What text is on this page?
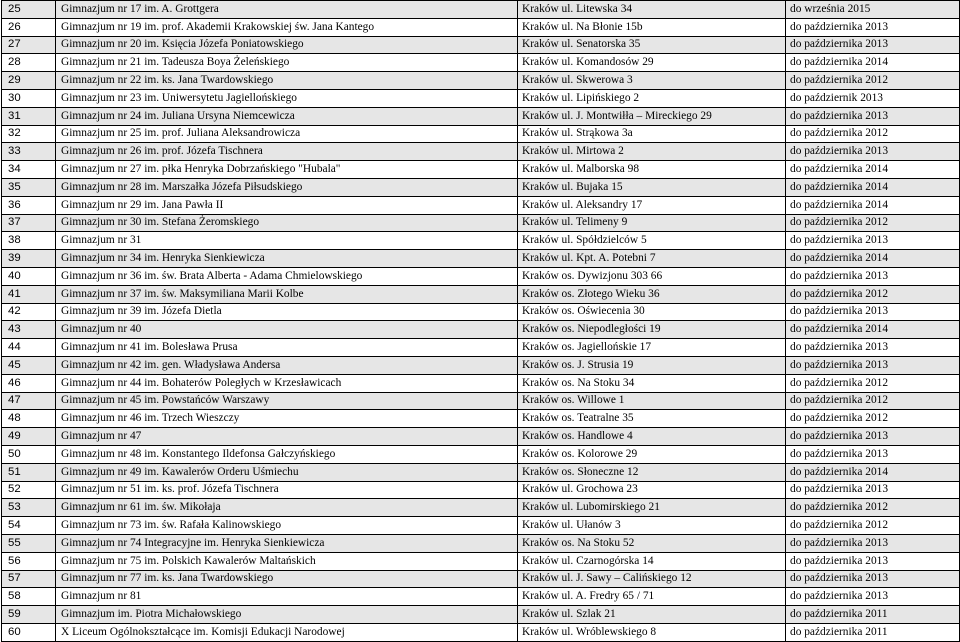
25	Gimnazjum nr 17 im. A. Grottgera	Kraków ul. Litewska 34	do września 2015
26	Gimnazjum nr 19 im. prof. Akademii Krakowskiej św. Jana Kantego	Kraków ul. Na Błonie 15b	do października 2013
27	Gimnazjum nr 20 im. Księcia Józefa Poniatowskiego	Kraków ul. Senatorska 35	do października 2013
28	Gimnazjum nr 21 im. Tadeusza Boya Żeleńskiego	Kraków ul. Komandosów 29	do października 2014
29	Gimnazjum nr 22 im. ks. Jana Twardowskiego	Kraków ul. Skwerowa 3	do października 2012
30	Gimnazjum nr 23 im. Uniwersytetu Jagiellońskiego	Kraków ul. Lipińskiego 2	do październik 2013
31	Gimnazjum nr 24 im. Juliana Ursyna Niemcewicza	Kraków ul. J. Montwiłła – Mireckiego 29	do października 2013
32	Gimnazjum nr 25 im. prof. Juliana Aleksandrowicza	Kraków ul. Strąkowa 3a	do października 2012
33	Gimnazjum nr 26 im. prof. Józefa Tischnera	Kraków ul. Mirtowa 2	do października 2013
34	Gimnazjum nr 27 im. płka Henryka Dobrzańskiego "Hubala"	Kraków ul. Malborska 98	do października 2014
35	Gimnazjum nr 28 im. Marszałka Józefa Piłsudskiego	Kraków ul. Bujaka 15	do października 2014
36	Gimnazjum nr 29 im. Jana Pawła II	Kraków ul. Aleksandry 17	do października 2014
37	Gimnazjum nr 30 im. Stefana Żeromskiego	Kraków ul. Telimeny 9	do października 2012
38	Gimnazjum nr 31	Kraków ul. Spółdzielców 5	do października 2013
39	Gimnazjum nr 34 im. Henryka Sienkiewicza	Kraków ul. Kpt. A. Potebni 7	do października 2014
40	Gimnazjum nr 36 im. św. Brata Alberta - Adama Chmielowskiego	Kraków os. Dywizjonu 303 66	do października 2013
41	Gimnazjum nr 37 im. św. Maksymiliana Marii Kolbe	Kraków os. Złotego Wieku 36	do października 2012
42	Gimnazjum nr 39 im. Józefa Dietla	Kraków os. Oświecenia 30	do października 2013
43	Gimnazjum nr 40	Kraków os. Niepodległości 19	do października 2014
44	Gimnazjum nr 41 im. Bolesława Prusa	Kraków os. Jagiellońskie 17	do października 2013
45	Gimnazjum nr 42 im. gen. Władysława Andersa	Kraków os. J. Strusia 19	do października 2013
46	Gimnazjum nr 44 im. Bohaterów Poległych w Krzesławicach	Kraków os. Na Stoku 34	do października 2012
47	Gimnazjum nr 45 im. Powstańców Warszawy	Kraków os. Willowe 1	do października 2012
48	Gimnazjum nr 46 im. Trzech Wieszczy	Kraków os. Teatralne 35	do października 2012
49	Gimnazjum nr 47	Kraków os. Handlowe 4	do października 2013
50	Gimnazjum nr 48 im. Konstantego Ildefonsa Gałczyńskiego	Kraków os. Kolorowe 29	do października 2013
51	Gimnazjum nr 49 im. Kawalerów Orderu Uśmiechu	Kraków os. Słoneczne 12	do października 2014
52	Gimnazjum nr 51 im. ks. prof. Józefa Tischnera	Kraków ul. Grochowa 23	do października 2013
53	Gimnazjum nr 61 im. św. Mikołaja	Kraków ul. Lubomirskiego 21	do października 2012
54	Gimnazjum nr 73 im. św. Rafała Kalinowskiego	Kraków ul. Ułanów 3	do października 2012
55	Gimnazjum nr 74 Integracyjne im. Henryka Sienkiewicza	Kraków os. Na Stoku 52	do października 2013
56	Gimnazjum nr 75 im. Polskich Kawalerów Maltańskich	Kraków ul. Czarnogórska 14	do października 2013
57	Gimnazjum nr 77 im. ks. Jana Twardowskiego	Kraków ul. J. Sawy – Calińskiego 12	do października 2013
58	Gimnazjum nr 81	Kraków ul. A. Fredry 65 / 71	do października 2013
59	Gimnazjum im. Piotra Michałowskiego	Kraków ul. Szlak 21	do października 2011
60	X Liceum Ogólnokształcące im. Komisji Edukacji Narodowej	Kraków ul. Wróblewskiego 8	do października 2011
